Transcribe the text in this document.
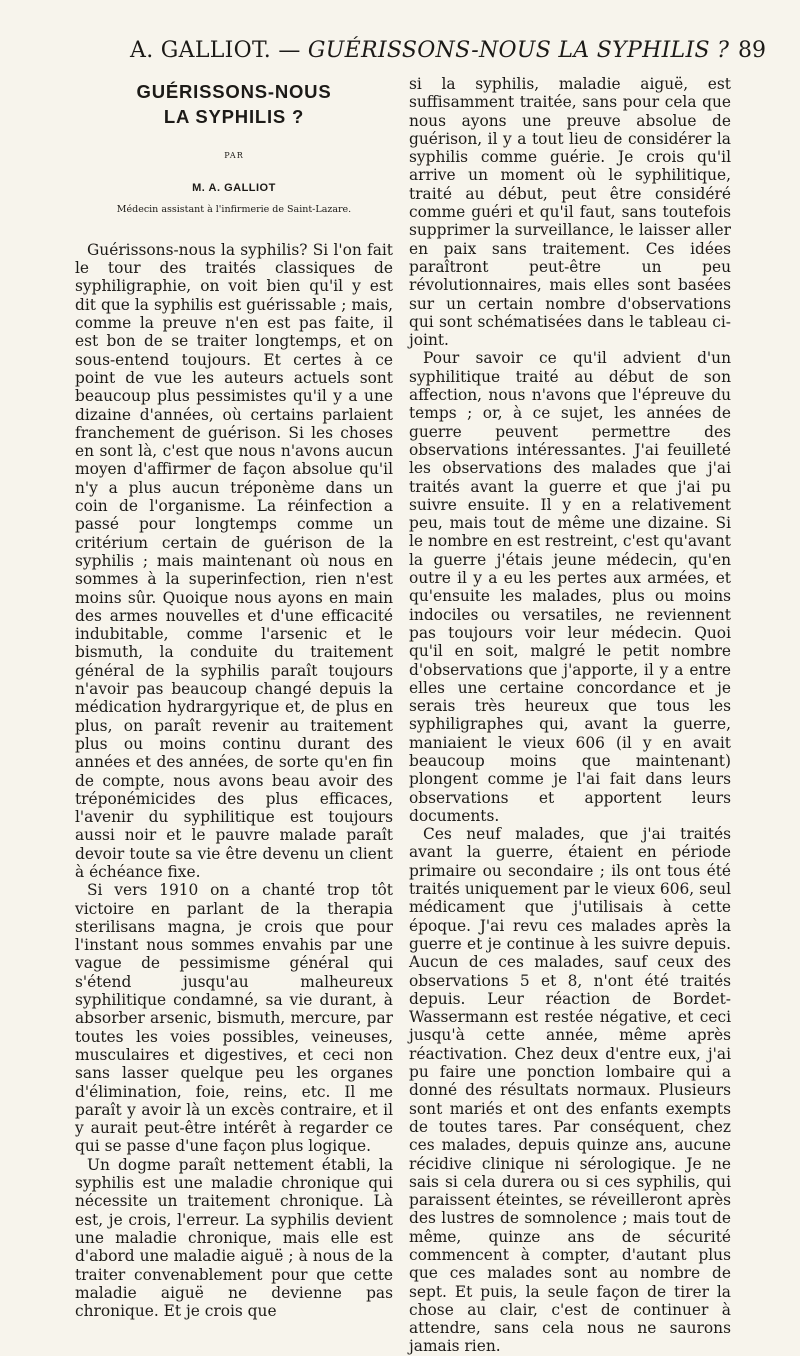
A. GALLIOT. — GUÉRISSONS-NOUS LA SYPHILIS ? 89
GUÉRISSONS-NOUS
LA SYPHILIS ?
PAR
M. A. GALLIOT
Médecin assistant à l'infirmerie de Saint-Lazare.

Guérissons-nous la syphilis? Si l'on fait le tour des traités classiques de syphiligraphie, on voit bien qu'il y est dit que la syphilis est guérissable ; mais, comme la preuve n'en est pas faite, il est bon de se traiter longtemps, et on sous-entend toujours. Et certes à ce point de vue les auteurs actuels sont beaucoup plus pessimistes qu'il y a une dizaine d'années, où certains parlaient franchement de guérison. Si les choses en sont là, c'est que nous n'avons aucun moyen d'affirmer de façon absolue qu'il n'y a plus aucun tréponème dans un coin de l'organisme. La réinfection a passé pour longtemps comme un critérium certain de guérison de la syphilis ; mais maintenant où nous en sommes à la superinfection, rien n'est moins sûr. Quoique nous ayons en main des armes nouvelles et d'une efficacité indubitable, comme l'arsenic et le bismuth, la conduite du traitement général de la syphilis paraît toujours n'avoir pas beaucoup changé depuis la médication hydrargyrique et, de plus en plus, on paraît revenir au traitement plus ou moins continu durant des années et des années, de sorte qu'en fin de compte, nous avons beau avoir des tréponémicides des plus efficaces, l'avenir du syphilitique est toujours aussi noir et le pauvre malade paraît devoir toute sa vie être devenu un client à échéance fixe.

Si vers 1910 on a chanté trop tôt victoire en parlant de la therapia sterilisans magna, je crois que pour l'instant nous sommes envahis par une vague de pessimisme général qui s'étend jusqu'au malheureux syphilitique condamné, sa vie durant, à absorber arsenic, bismuth, mercure, par toutes les voies possibles, veineuses, musculaires et digestives, et ceci non sans lasser quelque peu les organes d'élimination, foie, reins, etc. Il me paraît y avoir là un excès contraire, et il y aurait peut-être intérêt à regarder ce qui se passe d'une façon plus logique.

Un dogme paraît nettement établi, la syphilis est une maladie chronique qui nécessite un traitement chronique. Là est, je crois, l'erreur. La syphilis devient une maladie chronique, mais elle est d'abord une maladie aiguë ; à nous de la traiter convenablement pour que cette maladie aiguë ne devienne pas chronique. Et je crois que

si la syphilis, maladie aiguë, est suffisamment traitée, sans pour cela que nous ayons une preuve absolue de guérison, il y a tout lieu de considérer la syphilis comme guérie. Je crois qu'il arrive un moment où le syphilitique, traité au début, peut être considéré comme guéri et qu'il faut, sans toutefois supprimer la surveillance, le laisser aller en paix sans traitement. Ces idées paraîtront peut-être un peu révolutionnaires, mais elles sont basées sur un certain nombre d'observations qui sont schématisées dans le tableau ci-joint.

Pour savoir ce qu'il advient d'un syphilitique traité au début de son affection, nous n'avons que l'épreuve du temps ; or, à ce sujet, les années de guerre peuvent permettre des observations intéressantes. J'ai feuilleté les observations des malades que j'ai traités avant la guerre et que j'ai pu suivre ensuite. Il y en a relativement peu, mais tout de même une dizaine. Si le nombre en est restreint, c'est qu'avant la guerre j'étais jeune médecin, qu'en outre il y a eu les pertes aux armées, et qu'ensuite les malades, plus ou moins indociles ou versatiles, ne reviennent pas toujours voir leur médecin. Quoi qu'il en soit, malgré le petit nombre d'observations que j'apporte, il y a entre elles une certaine concordance et je serais très heureux que tous les syphiligraphes qui, avant la guerre, maniaient le vieux 606 (il y en avait beaucoup moins que maintenant) plongent comme je l'ai fait dans leurs observations et apportent leurs documents.

Ces neuf malades, que j'ai traités avant la guerre, étaient en période primaire ou secondaire ; ils ont tous été traités uniquement par le vieux 606, seul médicament que j'utilisais à cette époque. J'ai revu ces malades après la guerre et je continue à les suivre depuis. Aucun de ces malades, sauf ceux des observations 5 et 8, n'ont été traités depuis. Leur réaction de Bordet-Wassermann est restée négative, et ceci jusqu'à cette année, même après réactivation. Chez deux d'entre eux, j'ai pu faire une ponction lombaire qui a donné des résultats normaux. Plusieurs sont mariés et ont des enfants exempts de toutes tares. Par conséquent, chez ces malades, depuis quinze ans, aucune récidive clinique ni sérologique. Je ne sais si cela durera ou si ces syphilis, qui paraissent éteintes, se réveilleront après des lustres de somnolence ; mais tout de même, quinze ans de sécurité commencent à compter, d'autant plus que ces malades sont au nombre de sept. Et puis, la seule façon de tirer la chose au clair, c'est de continuer à attendre, sans cela nous ne saurons jamais rien.
